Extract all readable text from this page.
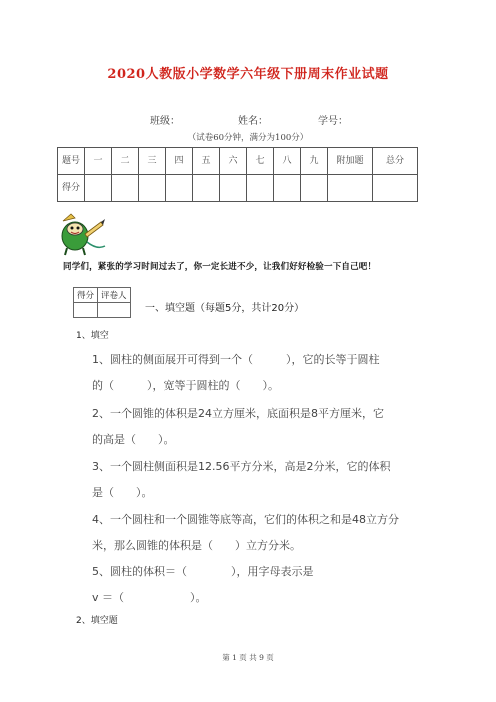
2020人教版小学数学六年级下册周末作业试题
班级：	姓名：	学号：
（试卷60分钟，满分为100分）
题号	一	二	三	四	五	六	七	八	九	附加题	总分
得分											
同学们，紧张的学习时间过去了，你一定长进不少，让我们好好检验一下自己吧！
得分	评卷人

一、填空题（每题5分，共计20分）
1、填空
1、圆柱的侧面展开可得到一个（　　　），它的长等于圆柱
的（　　　），宽等于圆柱的（　　）。
2、一个圆锥的体积是24立方厘米，底面积是8平方厘米，它
的高是（　　）。
3、一个圆柱侧面积是12.56平方分米，高是2分米，它的体积
是（　　）。
4、一个圆柱和一个圆锥等底等高，它们的体积之和是48立方分
米，那么圆锥的体积是（　　）立方分米。
5、圆柱的体积＝（　　　　），用字母表示是
v ＝（　　　　　　）。
2、填空题
第 1 页 共 9 页
